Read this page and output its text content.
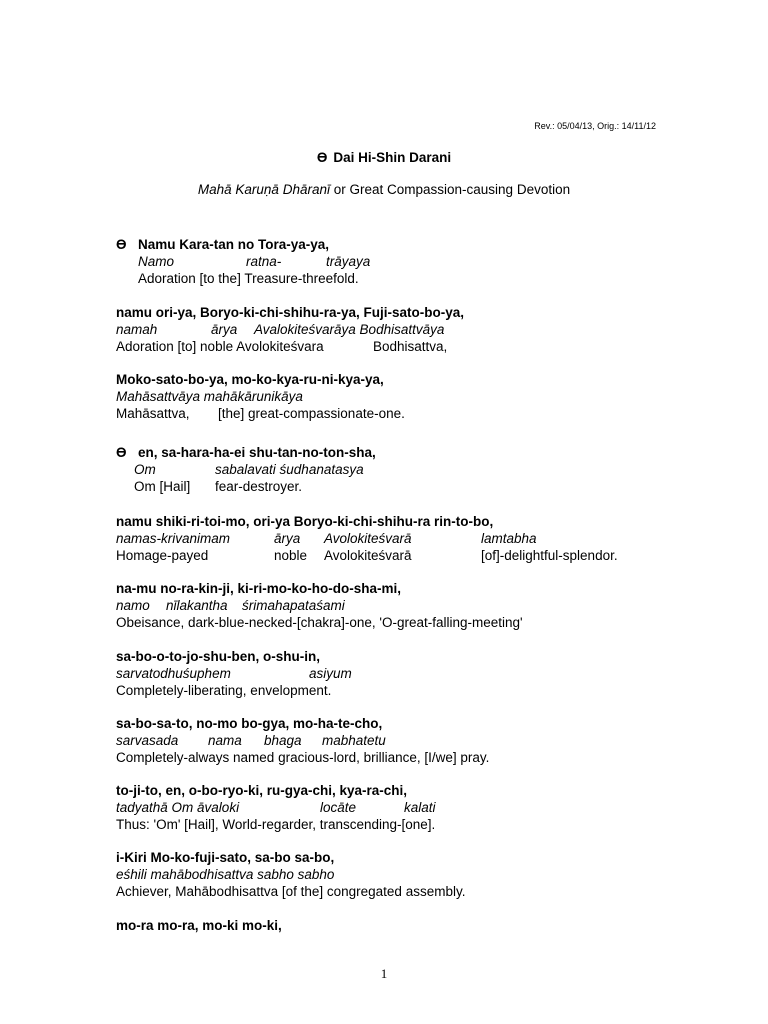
Rev.: 05/04/13, Orig.: 14/11/12
ϴ Dai Hi-Shin Darani
Mahā Karuṇā Dhāranī or Great Compassion-causing Devotion
ϴ Namu Kara-tan no Tora-ya-ya,
Namo	ratna-	trāyaya
Adoration [to the] Treasure-threefold.
namu ori-ya, Boryo-ki-chi-shihu-ra-ya, Fuji-sato-bo-ya,
namah	ārya Avalokiteśvarāya Bodhisattvāya
Adoration [to] noble Avolokiteśvara	Bodhisattva,
Moko-sato-bo-ya, mo-ko-kya-ru-ni-kya-ya,
Mahāsattvāya mahākārunikāya
Mahāsattva, [the] great-compassionate-one.
ϴ en, sa-hara-ha-ei shu-tan-no-ton-sha,
Om	sabalavati śudhanatasya
Om [Hail] fear-destroyer.
namu shiki-ri-toi-mo, ori-ya Boryo-ki-chi-shihu-ra rin-to-bo,
namas-krivanimam	ārya Avolokiteśvarā	lamtabha
Homage-payed	noble Avolokiteśvarā	[of]-delightful-splendor.
na-mu no-ra-kin-ji, ki-ri-mo-ko-ho-do-sha-mi,
namo nīlakantha śrimahapataśami
Obeisance, dark-blue-necked-[chakra]-one, 'O-great-falling-meeting'
sa-bo-o-to-jo-shu-ben, o-shu-in,
sarvatodhuśuphem	asiyum
Completely-liberating, envelopment.
sa-bo-sa-to, no-mo bo-gya, mo-ha-te-cho,
sarvasada nama bhaga mabhatetu
Completely-always named gracious-lord, brilliance, [I/we] pray.
to-ji-to, en, o-bo-ryo-ki, ru-gya-chi, kya-ra-chi,
tadyathā Om āvaloki	locāte	kalati
Thus: 'Om' [Hail], World-regarder, transcending-[one].
i-Kiri Mo-ko-fuji-sato, sa-bo sa-bo,
eśhili mahābodhisattva sabho sabho
Achiever, Mahābodhisattva [of the] congregated assembly.
mo-ra mo-ra, mo-ki mo-ki,
1
